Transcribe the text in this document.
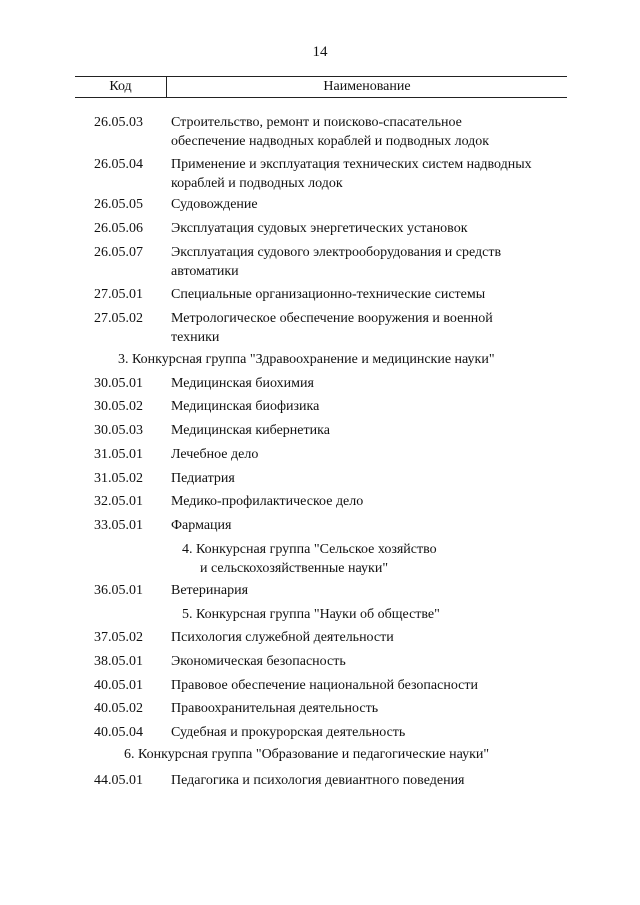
14
Код	Наименование
26.05.03 Строительство, ремонт и поисково-спасательное
обеспечение надводных кораблей и подводных лодок
26.05.04 Применение и эксплуатация технических систем надводных
кораблей и подводных лодок
26.05.05 Судовождение
26.05.06 Эксплуатация судовых энергетических установок
26.05.07 Эксплуатация судового электрооборудования и средств
автоматики
27.05.01 Специальные организационно-технические системы
27.05.02 Метрологическое обеспечение вооружения и военной
техники
3. Конкурсная группа "Здравоохранение и медицинские науки"
30.05.01 Медицинская биохимия
30.05.02 Медицинская биофизика
30.05.03 Медицинская кибернетика
31.05.01 Лечебное дело
31.05.02 Педиатрия
32.05.01 Медико-профилактическое дело
33.05.01 Фармация
4. Конкурсная группа "Сельское хозяйство
и сельскохозяйственные науки"
36.05.01 Ветеринария
5. Конкурсная группа "Науки об обществе"
37.05.02 Психология служебной деятельности
38.05.01 Экономическая безопасность
40.05.01 Правовое обеспечение национальной безопасности
40.05.02 Правоохранительная деятельность
40.05.04 Судебная и прокурорская деятельность
6. Конкурсная группа "Образование и педагогические науки"
44.05.01 Педагогика и психология девиантного поведения
